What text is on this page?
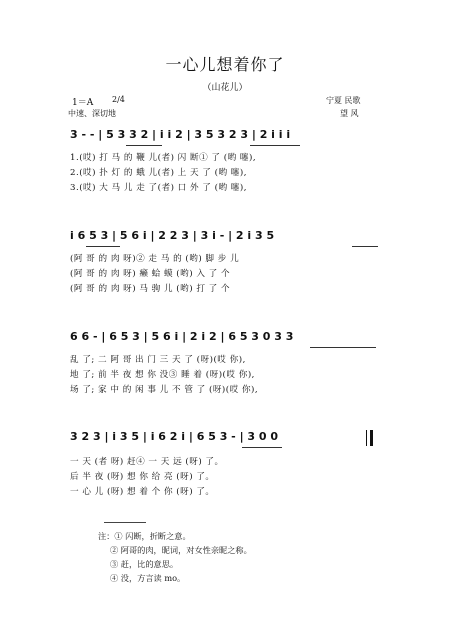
一心儿想着你了
（山花儿）
1＝A 2/4
中速、深切地
宁夏 民歌
望 风
3 - - | 5 3 3 2 | i i 2 | 3 5 3 2 3 | 2 i i i
1.(哎) 打 马 的 鞭 儿(者) 闪 断① 了 (哟 噻),
2.(哎) 扑 灯 的 蛾 儿(者) 上 天 了 (哟 噻),
3.(哎) 大 马 儿 走 了(者) 口 外 了 (哟 噻),
i 6 5 3 | 5 6 i | 2 2 3 | 3 i - | 2 i 3 5
(阿 哥 的 肉 呀)② 走 马 的 (哟) 脚 步 儿
(阿 哥 的 肉 呀) 癞 蛤 蟆 (哟) 入 了 个
(阿 哥 的 肉 呀) 马 驹 儿 (哟) 打 了 个
6 6 - | 6 5 3 | 5 6 i | 2 i 2 | 6 5 3 0 3 3
乱 了; 二 阿 哥 出 门 三 天 了 (呀)(哎 你),
地 了; 前 半 夜 想 你 没③ 睡 着 (呀)(哎 你),
场 了; 家 中 的 闲 事 儿 不 管 了 (呀)(哎 你),
3 2 3 | i 3 5 | i 6 2 i | 6 5 3 - | 3 0 0
一 天 (者 呀) 赶④ 一 天 远 (呀) 了。
后 半 夜 (呀) 想 你 给 亮 (呀) 了。
一 心 儿 (呀) 想 着 个 你 (呀) 了。
注：① 闪断，折断之意。
② 阿哥的肉，昵词，对女性亲昵之称。
③ 赶，比的意思。
④ 没，方言读 mo。
